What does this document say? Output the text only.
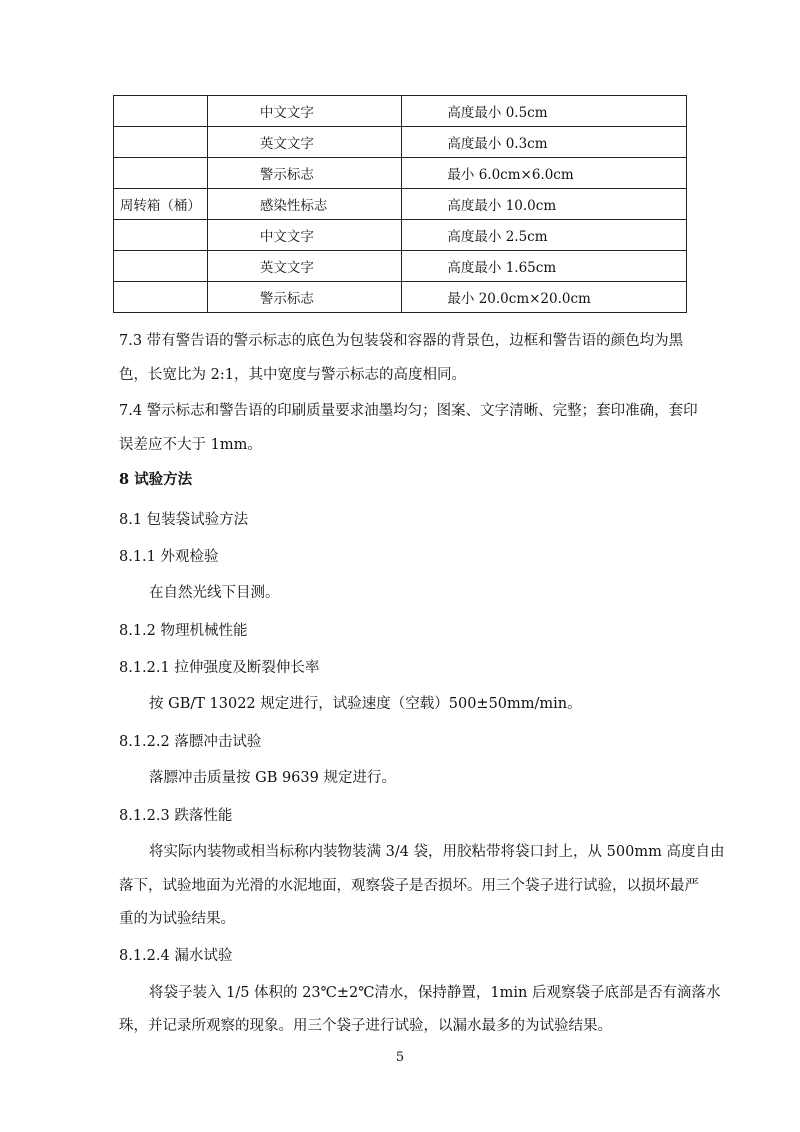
	中文文字	高度最小 0.5cm
	英文文字	高度最小 0.3cm
	警示标志	最小 6.0cm×6.0cm
周转箱（桶）	感染性标志	高度最小 10.0cm
	中文文字	高度最小 2.5cm
	英文文字	高度最小 1.65cm
	警示标志	最小 20.0cm×20.0cm
7.3 带有警告语的警示标志的底色为包装袋和容器的背景色，边框和警告语的颜色均为黑
色，长宽比为 2:1，其中宽度与警示标志的高度相同。
7.4 警示标志和警告语的印刷质量要求油墨均匀；图案、文字清晰、完整；套印准确，套印
误差应不大于 1mm。
8 试验方法
8.1 包装袋试验方法
8.1.1 外观检验
在自然光线下目测。
8.1.2 物理机械性能
8.1.2.1 拉伸强度及断裂伸长率
按 GB/T 13022 规定进行，试验速度（空载）500±50mm/min。
8.1.2.2 落膘冲击试验
落膘冲击质量按 GB 9639 规定进行。
8.1.2.3 跌落性能
将实际内装物或相当标称内装物装满 3/4 袋，用胶粘带将袋口封上，从 500mm 高度自由
落下，试验地面为光滑的水泥地面，观察袋子是否损坏。用三个袋子进行试验，以损坏最严
重的为试验结果。
8.1.2.4 漏水试验
将袋子装入 1/5 体积的 23℃±2℃清水，保持静置，1min 后观察袋子底部是否有滴落水
珠，并记录所观察的现象。用三个袋子进行试验，以漏水最多的为试验结果。
5
